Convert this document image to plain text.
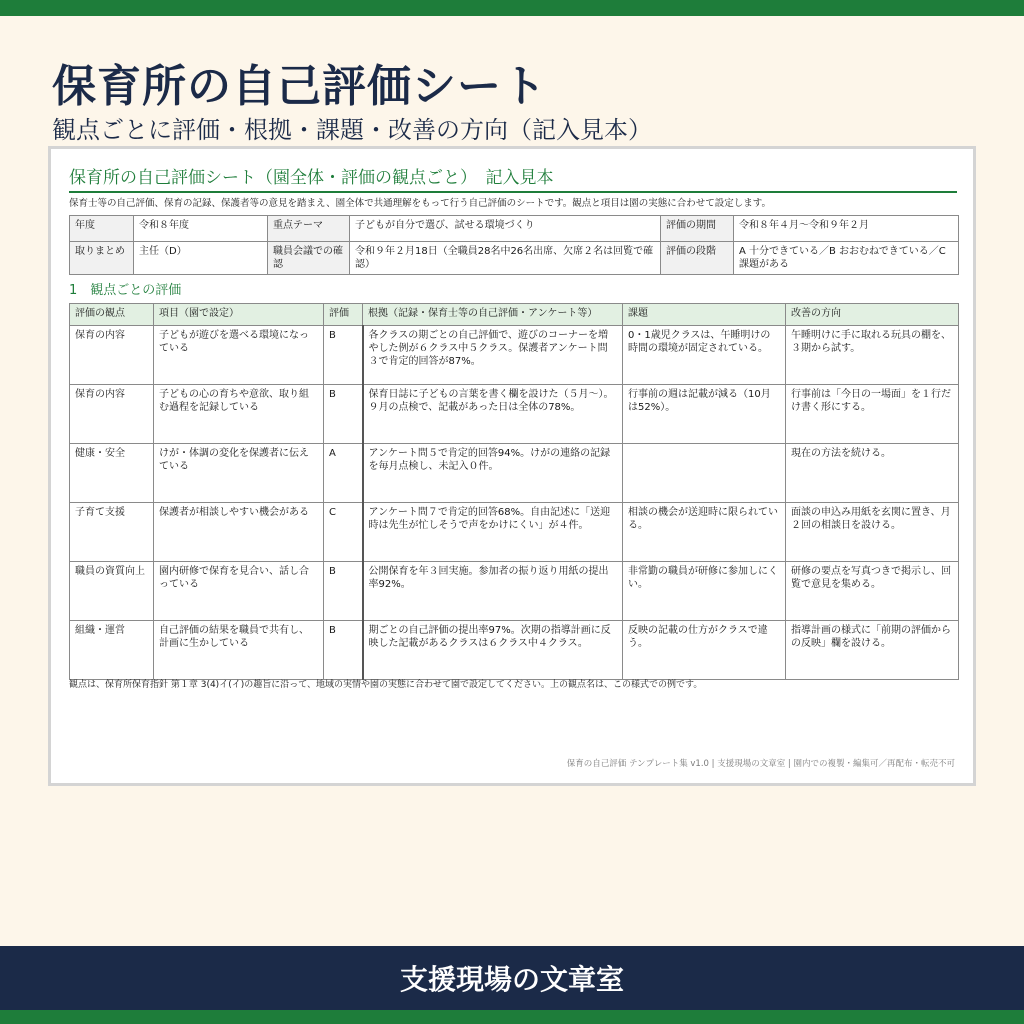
保育所の自己評価シート

観点ごとに評価・根拠・課題・改善の方向（記入見本）

保育所の自己評価シート（園全体・評価の観点ごと）　記入見本
保育士等の自己評価、保育の記録、保護者等の意見を踏まえ、園全体で共通理解をもって行う自己評価のシートです。観点と項目は園の実態に合わせて設定します。
年度	令和８年度	重点テーマ	子どもが自分で選び、試せる環境づくり	評価の期間	令和８年４月〜令和９年２月
取りまとめ	主任（D）	職員会議での確認	令和９年２月18日（全職員28名中26名出席、欠席２名は回覧で確認）	評価の段階	A 十分できている／B おおむねできている／C 課題がある
1　観点ごとの評価
評価の観点	項目（園で設定）	評価	根拠（記録・保育士等の自己評価・アンケート等）	課題	改善の方向
保育の内容	子どもが遊びを選べる環境になっている	B	各クラスの期ごとの自己評価で、遊びのコーナーを増やした例が６クラス中５クラス。保護者アンケート問３で肯定的回答が87%。	0・1歳児クラスは、午睡明けの時間の環境が固定されている。	午睡明けに手に取れる玩具の棚を、３期から試す。
保育の内容	子どもの心の育ちや意欲、取り組む過程を記録している	B	保育日誌に子どもの言葉を書く欄を設けた（５月〜）。９月の点検で、記載があった日は全体の78%。	行事前の週は記載が減る（10月は52%）。	行事前は「今日の一場面」を１行だけ書く形にする。
健康・安全	けが・体調の変化を保護者に伝えている	A	アンケート問５で肯定的回答94%。けがの連絡の記録を毎月点検し、未記入０件。		現在の方法を続ける。
子育て支援	保護者が相談しやすい機会がある	C	アンケート問７で肯定的回答68%。自由記述に「送迎時は先生が忙しそうで声をかけにくい」が４件。	相談の機会が送迎時に限られている。	面談の申込み用紙を玄関に置き、月２回の相談日を設ける。
職員の資質向上	園内研修で保育を見合い、話し合っている	B	公開保育を年３回実施。参加者の振り返り用紙の提出率92%。	非常勤の職員が研修に参加しにくい。	研修の要点を写真つきで掲示し、回覧で意見を集める。
組織・運営	自己評価の結果を職員で共有し、計画に生かしている	B	期ごとの自己評価の提出率97%。次期の指導計画に反映した記載があるクラスは６クラス中４クラス。	反映の記載の仕方がクラスで違う。	指導計画の様式に「前期の評価からの反映」欄を設ける。
観点は、保育所保育指針 第１章 3(4)イ(イ)の趣旨に沿って、地域の実情や園の実態に合わせて園で設定してください。上の観点名は、この様式での例です。
保育の自己評価 テンプレート集 v1.0 | 支援現場の文章室 | 園内での複製・編集可／再配布・転売不可
支援現場の文章室
